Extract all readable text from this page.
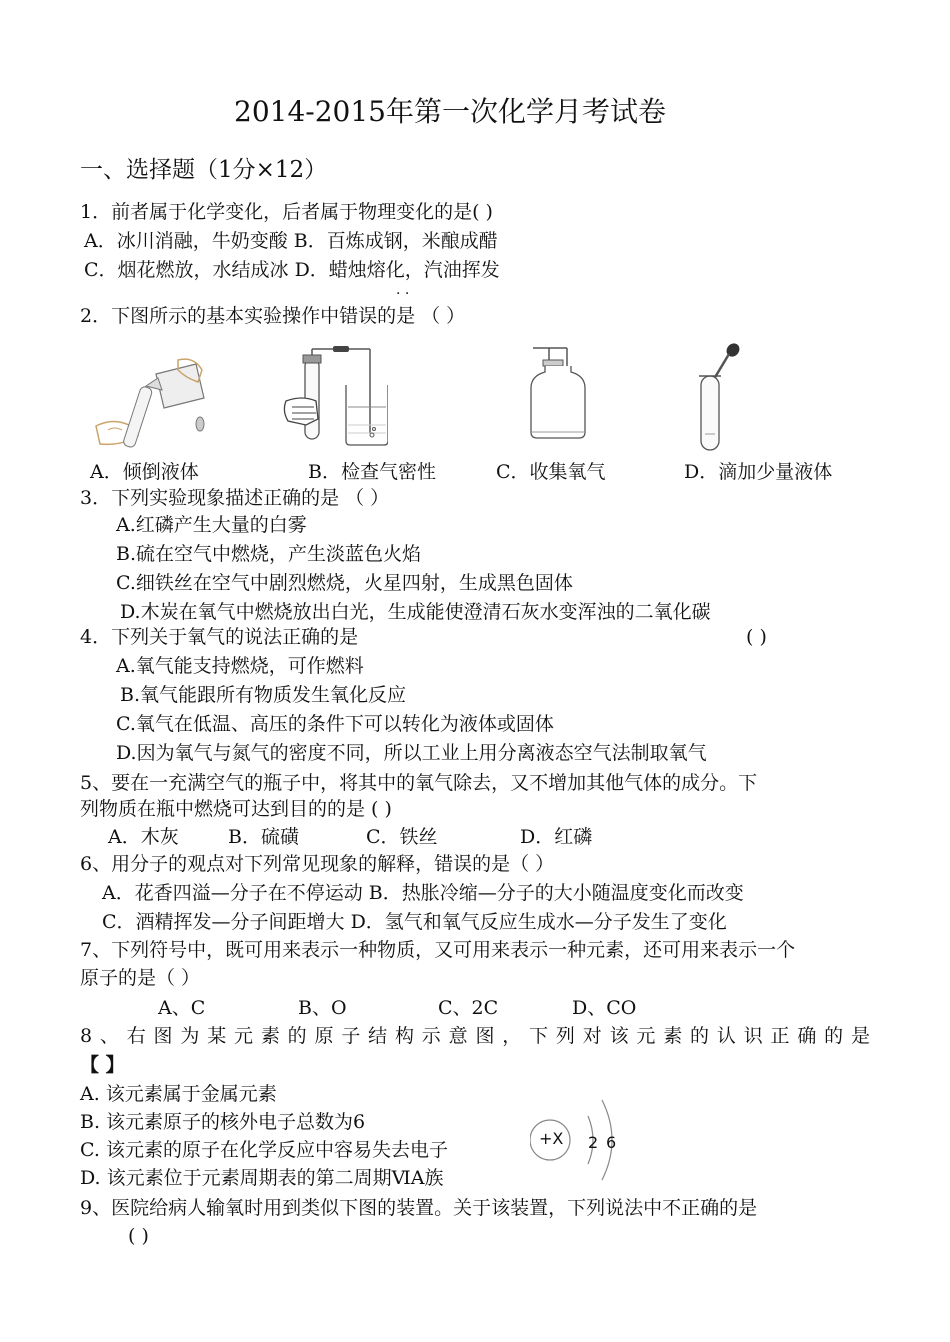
2014-2015年第一次化学月考试卷
一、选择题（1分×12）
1．前者属于化学变化，后者属于物理变化的是( )
A．冰川消融，牛奶变酸 B．百炼成钢，米酿成醋
C．烟花燃放，水结成冰 D．蜡烛熔化，汽油挥发
. .
2．下图所示的基本实验操作中错误的是 （ ）
A．倾倒液体	B．检查气密性	C．收集氧气	D．滴加少量液体
3．下列实验现象描述正确的是 （ ）
A.红磷产生大量的白雾
B.硫在空气中燃烧，产生淡蓝色火焰
C.细铁丝在空气中剧烈燃烧，火星四射，生成黑色固体
D.木炭在氧气中燃烧放出白光，生成能使澄清石灰水变浑浊的二氧化碳
4．下列关于氧气的说法正确的是	( )
A.氧气能支持燃烧，可作燃料
B.氧气能跟所有物质发生氧化反应
C.氧气在低温、高压的条件下可以转化为液体或固体
D.因为氧气与氮气的密度不同，所以工业上用分离液态空气法制取氧气
5、要在一充满空气的瓶子中，将其中的氧气除去，又不增加其他气体的成分。下
列物质在瓶中燃烧可达到目的的是 ( )
A．木灰	B．硫磺	C．铁丝	D．红磷
6、用分子的观点对下列常见现象的解释，错误的是（ ）
A．花香四溢—分子在不停运动 B．热胀冷缩—分子的大小随温度变化而改变
C．酒精挥发—分子间距增大 D．氢气和氧气反应生成水—分子发生了变化
7、下列符号中，既可用来表示一种物质，又可用来表示一种元素，还可用来表示一个
原子的是（ ）
A、C	B、O	C、2C	D、CO
8、右图为某元素的原子结构示意图，下列对该元素的认识正确的是
【 】
A. 该元素属于金属元素
B. 该元素原子的核外电子总数为6
C. 该元素的原子在化学反应中容易失去电子
D. 该元素位于元素周期表的第二周期ⅥA族
+X 2 6
9、医院给病人输氧时用到类似下图的装置。关于该装置，下列说法中不正确的是
( )
